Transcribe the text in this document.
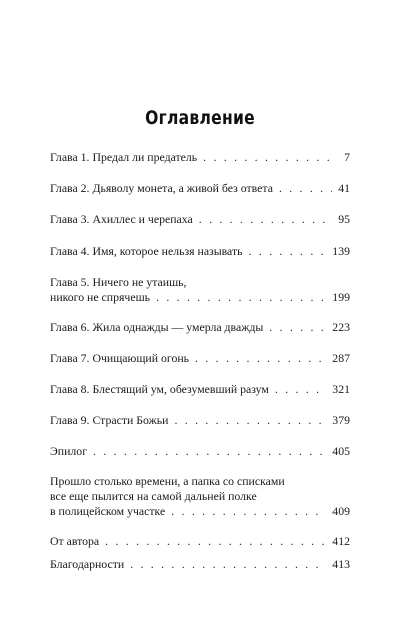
Оглавление
Глава 1. Предал ли предатель . . .	7
Глава 2. Дьяволу монета, а живой без ответа . . .	41
Глава 3. Ахиллес и черепаха . . .	95
Глава 4. Имя, которое нельзя называть . . .	139
Глава 5. Ничего не утаишь,
никого не спрячешь . . .	199
Глава 6. Жила однажды — умерла дважды . . .	223
Глава 7. Очищающий огонь . . .	287
Глава 8. Блестящий ум, обезумевший разум . . .	321
Глава 9. Страсти Божьи . . .	379
Эпилог . . .	405
Прошло столько времени, а папка со списками
все еще пылится на самой дальней полке
в полицейском участке . . .	409
От автора . . .	412
Благодарности . . .	413
